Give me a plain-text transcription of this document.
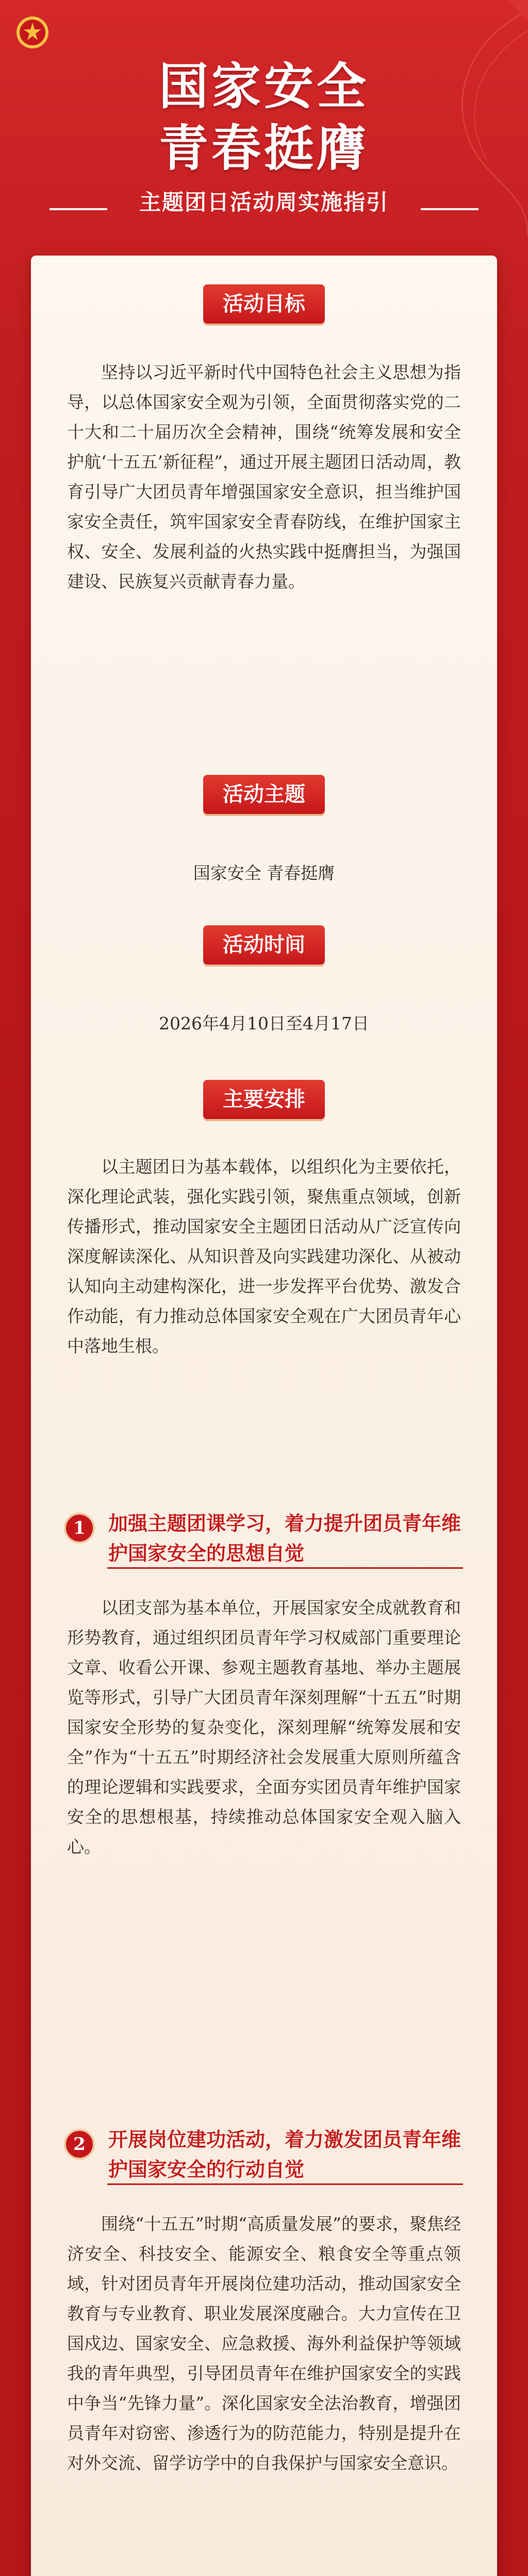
国家安全
青春挺膺
主题团日活动周实施指引
活动目标
坚持以习近平新时代中国特色社会主义思想为指导，以总体国家安全观为引领，全面贯彻落实党的二十大和二十届历次全会精神，围绕“统筹发展和安全护航‘十五五’新征程”，通过开展主题团日活动周，教育引导广大团员青年增强国家安全意识，担当维护国家安全责任，筑牢国家安全青春防线，在维护国家主权、安全、发展利益的火热实践中挺膺担当，为强国建设、民族复兴贡献青春力量。
活动主题
国家安全 青春挺膺
活动时间
2026年4月10日至4月17日
主要安排
以主题团日为基本载体，以组织化为主要依托，深化理论武装，强化实践引领，聚焦重点领域，创新传播形式，推动国家安全主题团日活动从广泛宣传向深度解读深化、从知识普及向实践建功深化、从被动认知向主动建构深化，进一步发挥平台优势、激发合作动能，有力推动总体国家安全观在广大团员青年心中落地生根。
1	加强主题团课学习，着力提升团员青年维护国家安全的思想自觉
以团支部为基本单位，开展国家安全成就教育和形势教育，通过组织团员青年学习权威部门重要理论文章、收看公开课、参观主题教育基地、举办主题展览等形式，引导广大团员青年深刻理解“十五五”时期国家安全形势的复杂变化，深刻理解“统筹发展和安全”作为“十五五”时期经济社会发展重大原则所蕴含的理论逻辑和实践要求，全面夯实团员青年维护国家安全的思想根基，持续推动总体国家安全观入脑入心。
2	开展岗位建功活动，着力激发团员青年维护国家安全的行动自觉
围绕“十五五”时期“高质量发展”的要求，聚焦经济安全、科技安全、能源安全、粮食安全等重点领域，针对团员青年开展岗位建功活动，推动国家安全教育与专业教育、职业发展深度融合。大力宣传在卫国戍边、国家安全、应急救援、海外利益保护等领域我的青年典型，引导团员青年在维护国家安全的实践中争当“先锋力量”。深化国家安全法治教育，增强团员青年对窃密、渗透行为的防范能力，特别是提升在对外交流、留学访学中的自我保护与国家安全意识。
